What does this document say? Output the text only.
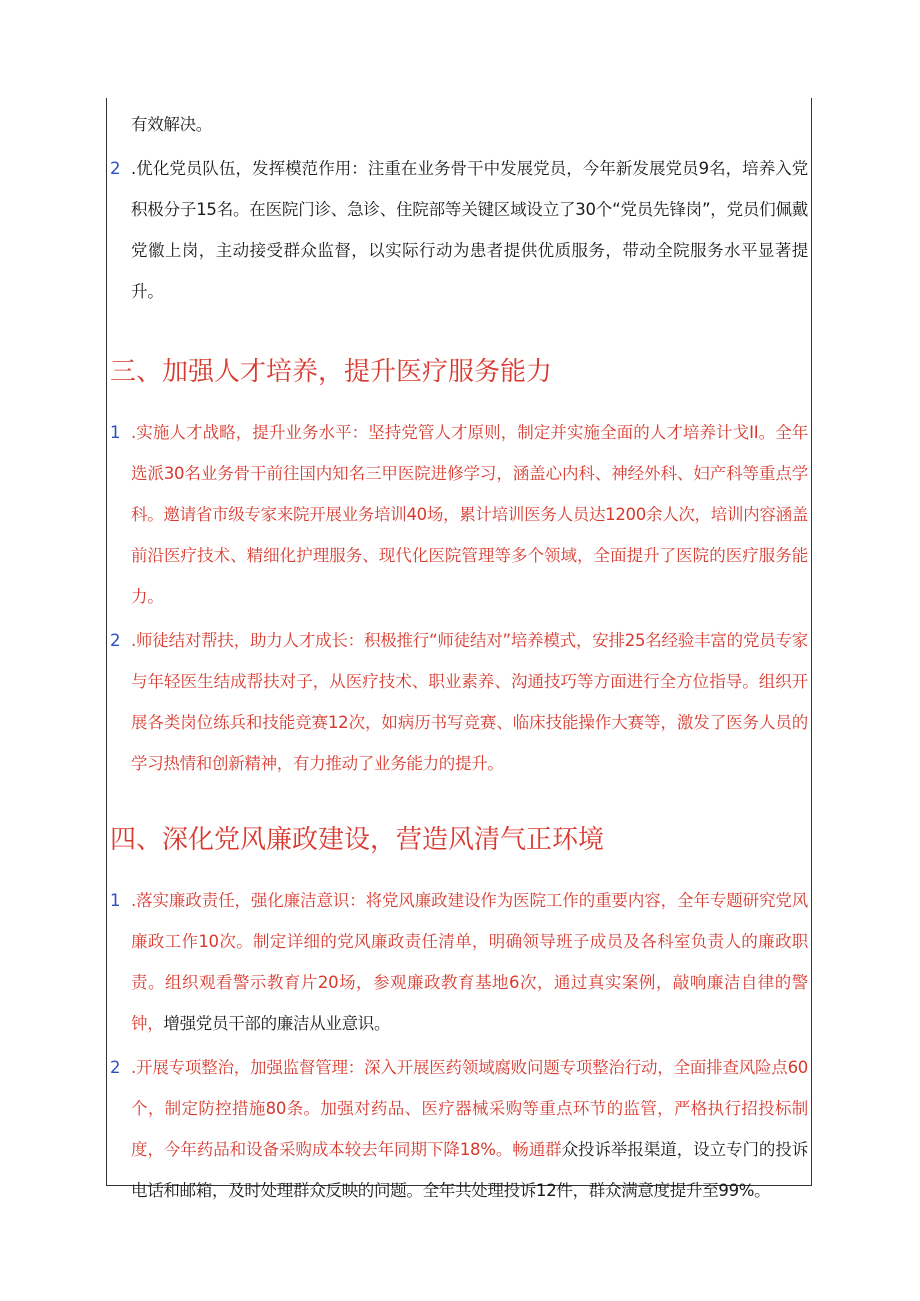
有效解决。

2 .优化党员队伍，发挥模范作用：注重在业务骨干中发展党员，今年新发展党员9名，培养入党积极分子15名。在医院门诊、急诊、住院部等关键区域设立了30个“党员先锋岗”，党员们佩戴党徽上岗，主动接受群众监督，以实际行动为患者提供优质服务，带动全院服务水平显著提升。

三、加强人才培养，提升医疗服务能力

1 .实施人才战略，提升业务水平：坚持党管人才原则，制定并实施全面的人才培养计戈II。全年选派30名业务骨干前往国内知名三甲医院进修学习，涵盖心内科、神经外科、妇产科等重点学科。邀请省市级专家来院开展业务培训40场，累计培训医务人员达1200余人次，培训内容涵盖前沿医疗技术、精细化护理服务、现代化医院管理等多个领域，全面提升了医院的医疗服务能力。

2 .师徒结对帮扶，助力人才成长：积极推行“师徒结对”培养模式，安排25名经验丰富的党员专家与年轻医生结成帮扶对子，从医疗技术、职业素养、沟通技巧等方面进行全方位指导。组织开展各类岗位练兵和技能竞赛12次，如病历书写竞赛、临床技能操作大赛等，激发了医务人员的学习热情和创新精神，有力推动了业务能力的提升。

四、深化党风廉政建设，营造风清气正环境

1 .落实廉政责任，强化廉洁意识：将党风廉政建设作为医院工作的重要内容，全年专题研究党风廉政工作10次。制定详细的党风廉政责任清单，明确领导班子成员及各科室负责人的廉政职责。组织观看警示教育片20场，参观廉政教育基地6次，通过真实案例，敲响廉洁自律的警钟，增强党员干部的廉洁从业意识。

2 .开展专项整治，加强监督管理：深入开展医药领域腐败问题专项整治行动，全面排查风险点60个，制定防控措施80条。加强对药品、医疗器械采购等重点环节的监管，严格执行招投标制度，今年药品和设备采购成本较去年同期下降18%。畅通群众投诉举报渠道，设立专门的投诉电话和邮箱，及时处理群众反映的问题。全年共处理投诉12件，群众满意度提升至99%。
